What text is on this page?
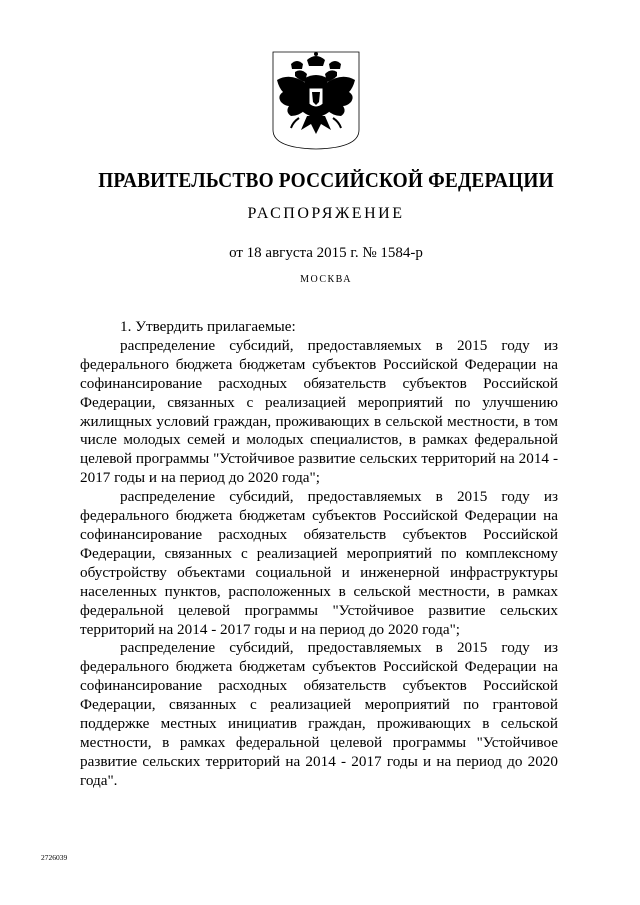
ПРАВИТЕЛЬСТВО РОССИЙСКОЙ ФЕДЕРАЦИИ
РАСПОРЯЖЕНИЕ
от 18 августа 2015 г. № 1584-р
МОСКВА

1. Утвердить прилагаемые:

распределение субсидий, предоставляемых в 2015 году из федерального бюджета бюджетам субъектов Российской Федерации на софинансирование расходных обязательств субъектов Российской Федерации, связанных с реализацией мероприятий по улучшению жилищных условий граждан, проживающих в сельской местности, в том числе молодых семей и молодых специалистов, в рамках федеральной целевой программы "Устойчивое развитие сельских территорий на 2014 - 2017 годы и на период до 2020 года";

распределение субсидий, предоставляемых в 2015 году из федерального бюджета бюджетам субъектов Российской Федерации на софинансирование расходных обязательств субъектов Российской Федерации, связанных с реализацией мероприятий по комплексному обустройству объектами социальной и инженерной инфраструктуры населенных пунктов, расположенных в сельской местности, в рамках федеральной целевой программы "Устойчивое развитие сельских территорий на 2014 - 2017 годы и на период до 2020 года";

распределение субсидий, предоставляемых в 2015 году из федерального бюджета бюджетам субъектов Российской Федерации на софинансирование расходных обязательств субъектов Российской Федерации, связанных с реализацией мероприятий по грантовой поддержке местных инициатив граждан, проживающих в сельской местности, в рамках федеральной целевой программы "Устойчивое развитие сельских территорий на 2014 - 2017 годы и на период до 2020 года".

2726039
